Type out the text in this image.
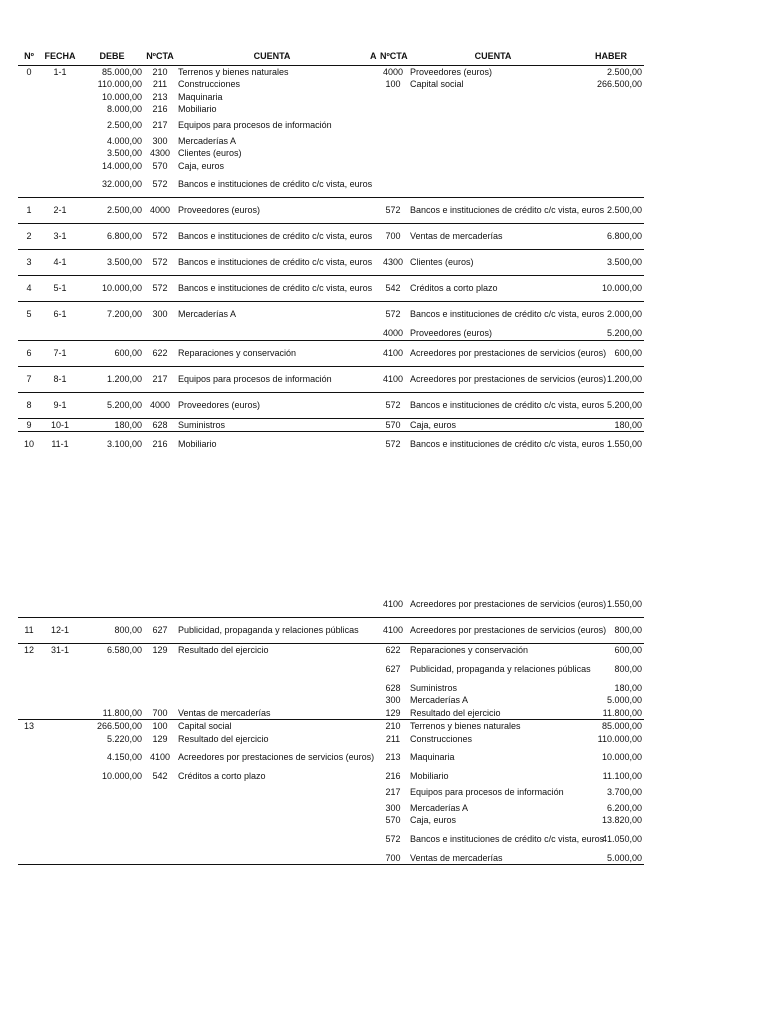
Nº	FECHA	DEBE	NºCTA	CUENTA	A	NºCTA	CUENTA	HABER
0	1-1	85.000,00	210	Terrenos y bienes naturales		4000	Proveedores (euros)	2.500,00
		110.000,00	211	Construcciones		100	Capital social	266.500,00
		10.000,00	213	Maquinaria				
		8.000,00	216	Mobiliario				
		2.500,00	217	Equipos para procesos de información				
		4.000,00	300	Mercaderías A				
		3.500,00	4300	Clientes (euros)				
		14.000,00	570	Caja, euros				
		32.000,00	572	Bancos e instituciones de crédito c/c vista, euros				
1	2-1	2.500,00	4000	Proveedores (euros)		572	Bancos e instituciones de crédito c/c vista, euros	2.500,00
2	3-1	6.800,00	572	Bancos e instituciones de crédito c/c vista, euros		700	Ventas de mercaderías	6.800,00
3	4-1	3.500,00	572	Bancos e instituciones de crédito c/c vista, euros		4300	Clientes (euros)	3.500,00
4	5-1	10.000,00	572	Bancos e instituciones de crédito c/c vista, euros		542	Créditos a corto plazo	10.000,00
5	6-1	7.200,00	300	Mercaderías A		572	Bancos e instituciones de crédito c/c vista, euros	2.000,00
						4000	Proveedores (euros)	5.200,00
6	7-1	600,00	622	Reparaciones y conservación		4100	Acreedores por prestaciones de servicios (euros)	600,00
7	8-1	1.200,00	217	Equipos para procesos de información		4100	Acreedores por prestaciones de servicios (euros)	1.200,00
8	9-1	5.200,00	4000	Proveedores (euros)		572	Bancos e instituciones de crédito c/c vista, euros	5.200,00
9	10-1	180,00	628	Suministros		570	Caja, euros	180,00
10	11-1	3.100,00	216	Mobiliario		572	Bancos e instituciones de crédito c/c vista, euros	1.550,00
						4100	Acreedores por prestaciones de servicios (euros)	1.550,00
11	12-1	800,00	627	Publicidad, propaganda y relaciones públicas		4100	Acreedores por prestaciones de servicios (euros)	800,00
12	31-1	6.580,00	129	Resultado del ejercicio		622	Reparaciones y conservación	600,00
						627	Publicidad, propaganda y relaciones públicas	800,00
						628	Suministros	180,00
						300	Mercaderías A	5.000,00
		11.800,00	700	Ventas de mercaderías		129	Resultado del ejercicio	11.800,00
13		266.500,00	100	Capital social		210	Terrenos y bienes naturales	85.000,00
		5.220,00	129	Resultado del ejercicio		211	Construcciones	110.000,00
		4.150,00	4100	Acreedores por prestaciones de servicios (euros)		213	Maquinaria	10.000,00
		10.000,00	542	Créditos a corto plazo		216	Mobiliario	11.100,00
						217	Equipos para procesos de información	3.700,00
						300	Mercaderías A	6.200,00
						570	Caja, euros	13.820,00
						572	Bancos e instituciones de crédito c/c vista, euros	41.050,00
						700	Ventas de mercaderías	5.000,00
